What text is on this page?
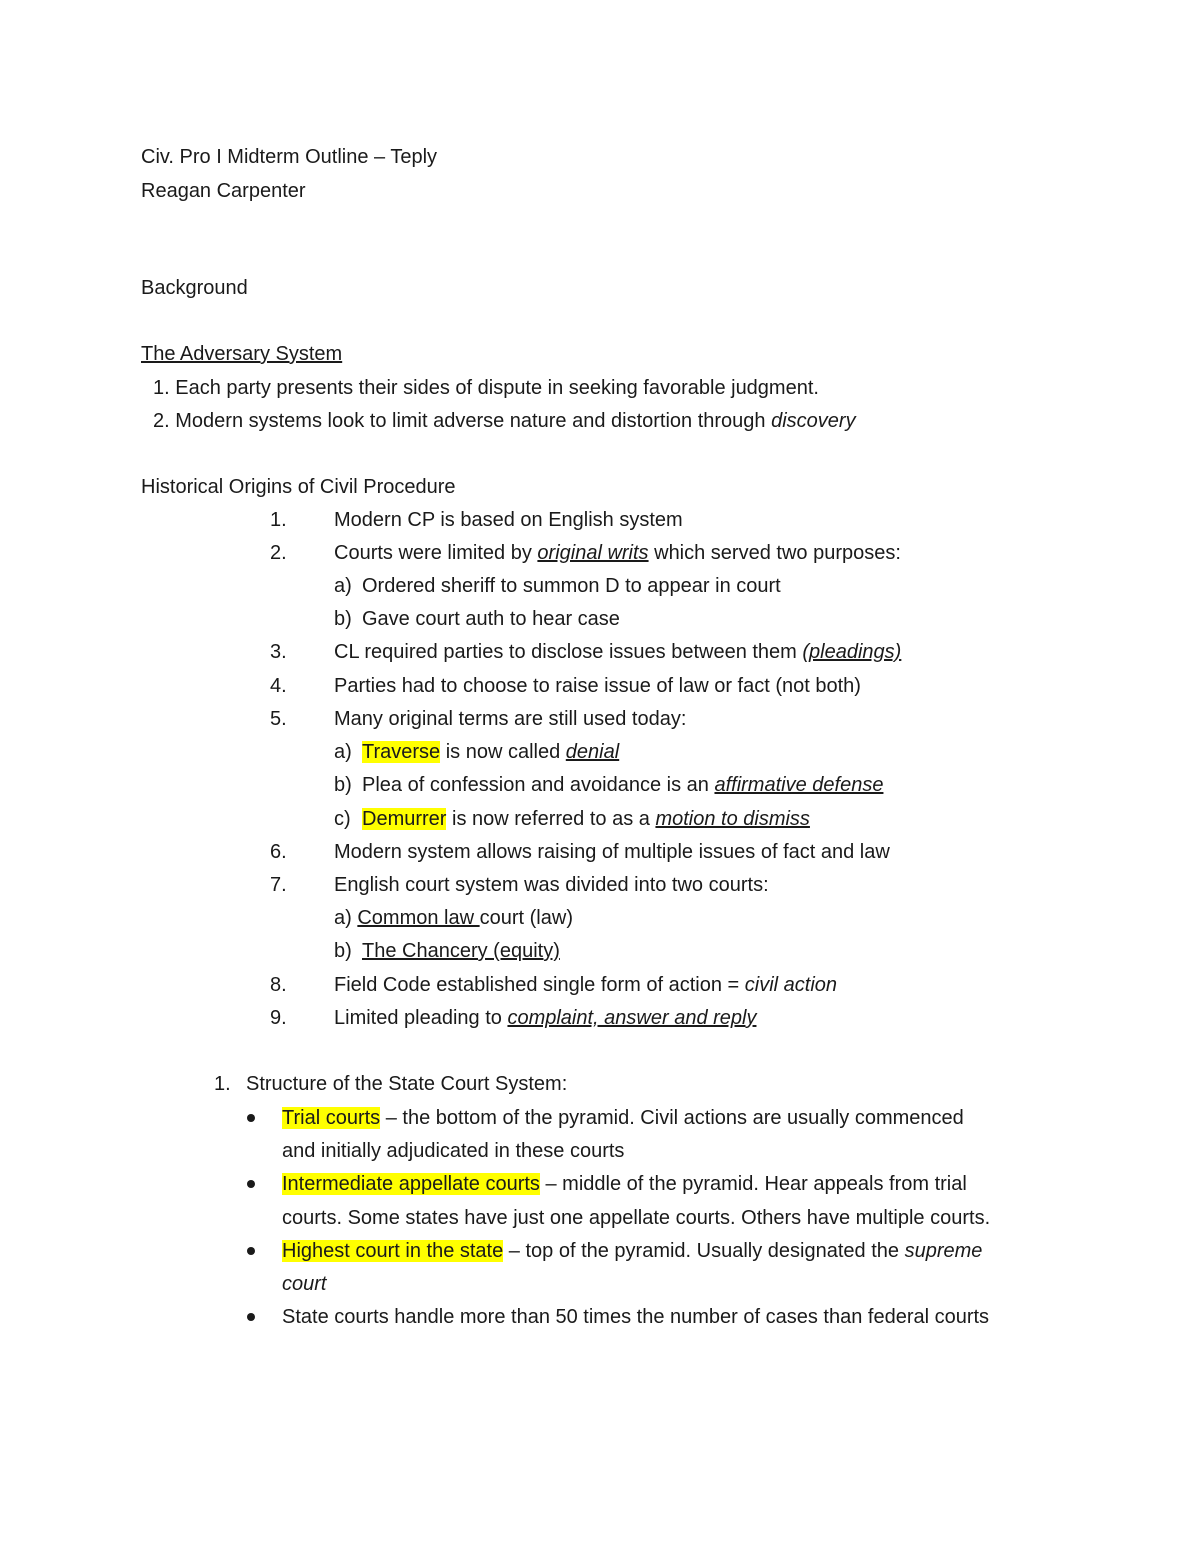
Civ. Pro I Midterm Outline – Teply
Reagan Carpenter
Background
The Adversary System
1. Each party presents their sides of dispute in seeking favorable judgment.
2. Modern systems look to limit adverse nature and distortion through discovery
Historical Origins of Civil Procedure
1. Modern CP is based on English system
2. Courts were limited by original writs which served two purposes:
a) Ordered sheriff to summon D to appear in court
b) Gave court auth to hear case
3. CL required parties to disclose issues between them (pleadings)
4. Parties had to choose to raise issue of law or fact (not both)
5. Many original terms are still used today:
a) Traverse is now called denial
b) Plea of confession and avoidance is an affirmative defense
c) Demurrer is now referred to as a motion to dismiss
6. Modern system allows raising of multiple issues of fact and law
7. English court system was divided into two courts:
a) Common law court (law)
b) The Chancery (equity)
8. Field Code established single form of action = civil action
9. Limited pleading to complaint, answer and reply
1. Structure of the State Court System:
Trial courts – the bottom of the pyramid. Civil actions are usually commenced
and initially adjudicated in these courts
Intermediate appellate courts – middle of the pyramid. Hear appeals from trial
courts. Some states have just one appellate courts. Others have multiple courts.
Highest court in the state – top of the pyramid. Usually designated the supreme
court
State courts handle more than 50 times the number of cases than federal courts
